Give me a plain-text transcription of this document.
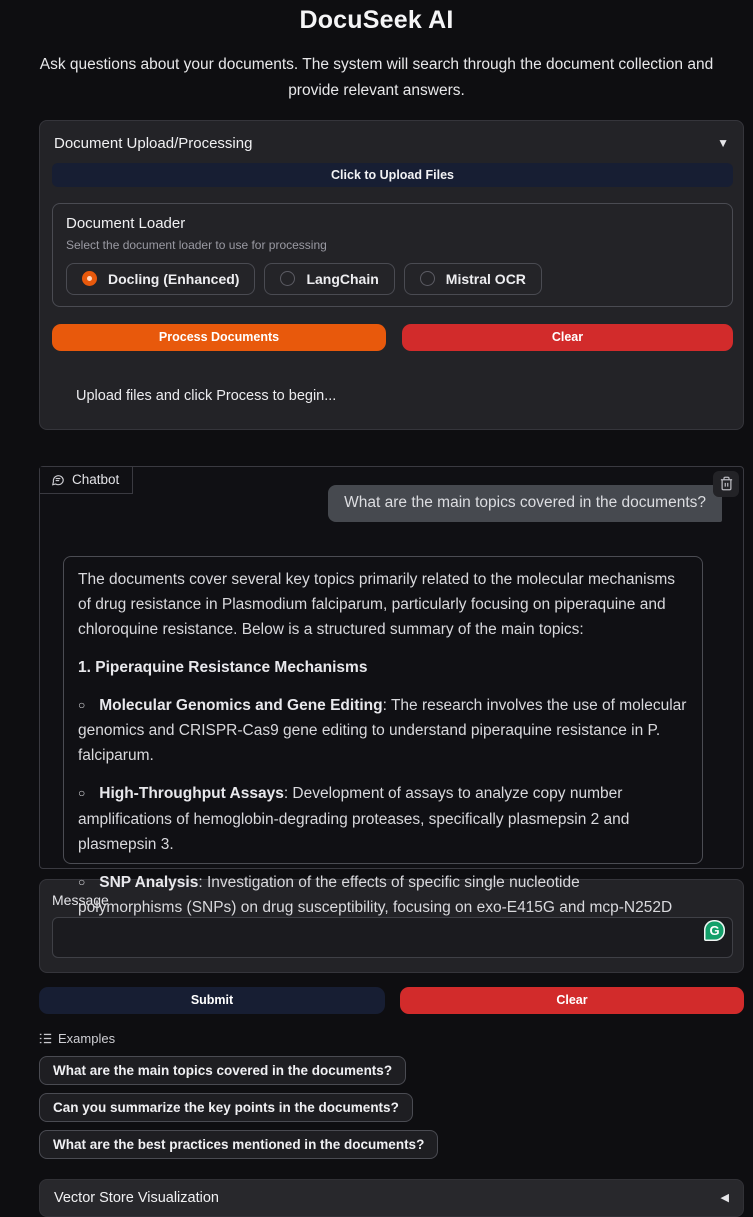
DocuSeek AI

Ask questions about your documents. The system will search through the document collection and provide relevant answers.

Document Upload/Processing	▼
Click to Upload Files
Document Loader
Select the document loader to use for processing
Docling (Enhanced)	LangChain	Mistral OCR
Process Documents	Clear
Upload files and click Process to begin...
What are the main topics covered in the documents?

The documents cover several key topics primarily related to the molecular mechanisms of drug resistance in Plasmodium falciparum, particularly focusing on piperaquine and chloroquine resistance. Below is a structured summary of the main topics:

1. Piperaquine Resistance Mechanisms

○ Molecular Genomics and Gene Editing: The research involves the use of molecular genomics and CRISPR-Cas9 gene editing to understand piperaquine resistance in P. falciparum.

○ High-Throughput Assays: Development of assays to analyze copy number amplifications of hemoglobin-degrading proteases, specifically plasmepsin 2 and plasmepsin 3.

○ SNP Analysis: Investigation of the effects of specific single nucleotide polymorphisms (SNPs) on drug susceptibility, focusing on exo-E415G and mcp-N252D

Chatbot
Message
G
Submit	Clear
Examples
What are the main topics covered in the documents?
Can you summarize the key points in the documents?
What are the best practices mentioned in the documents?
Vector Store Visualization	◀
